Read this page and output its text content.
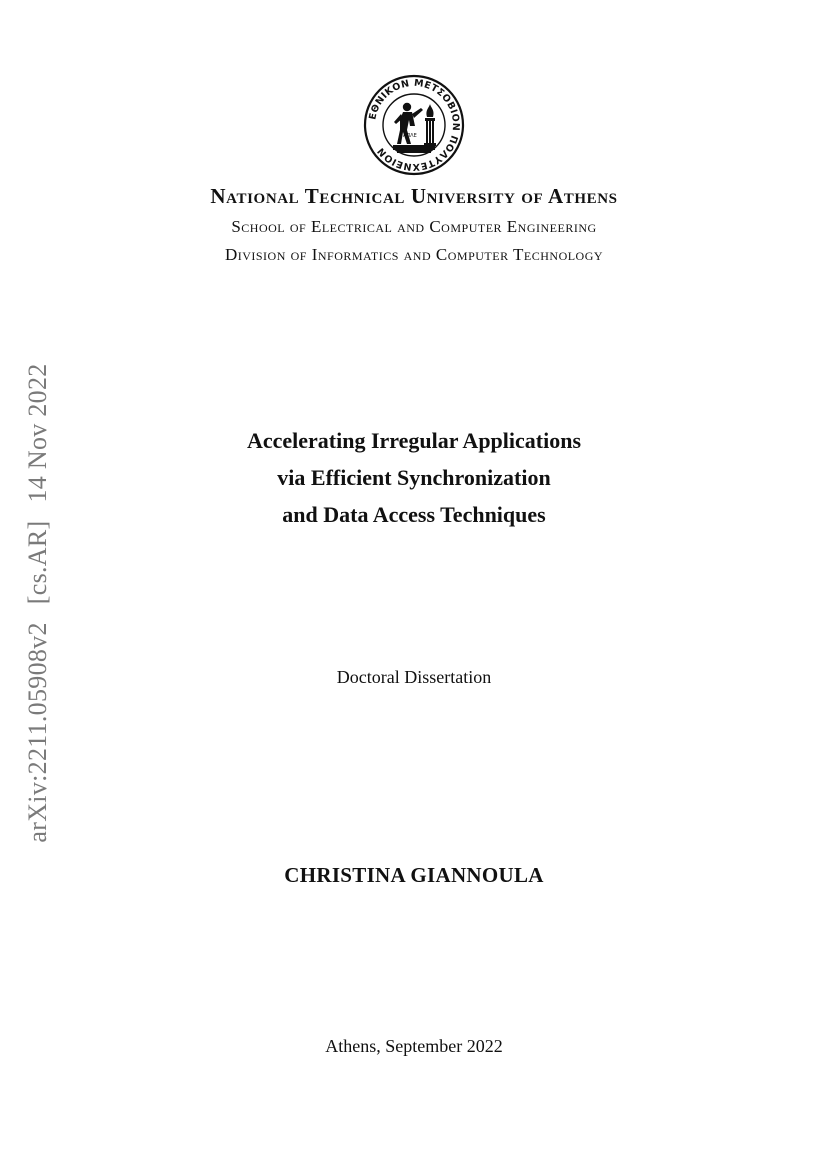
arXiv:2211.05908v2[cs.AR]14 Nov 2022
ΕΘΝΙΚΟΝ ΜΕΤΣΟΒΙΟΝ ΠΟΛΥΤΕΧΝΕΙΟΝ
ΑΠΛΕ
National Technical University of Athens
School of Electrical and Computer Engineering
Division of Informatics and Computer Technology
Accelerating Irregular Applications
via Efficient Synchronization
and Data Access Techniques
Doctoral Dissertation
CHRISTINA GIANNOULA
Athens, September 2022
